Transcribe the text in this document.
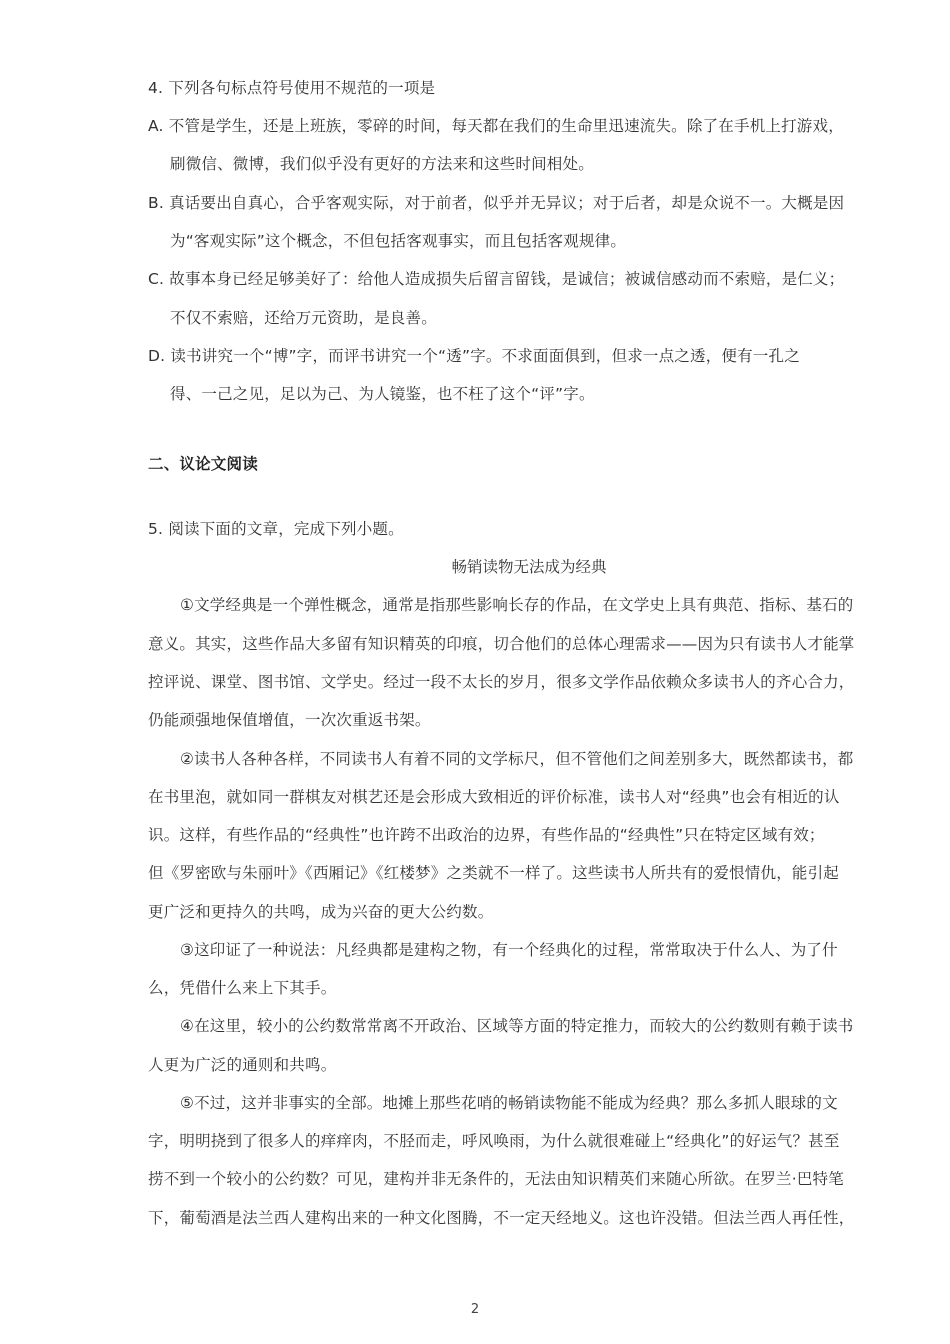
4. 下列各句标点符号使用不规范的一项是
A. 不管是学生，还是上班族，零碎的时间，每天都在我们的生命里迅速流失。除了在手机上打游戏，
刷微信、微博，我们似乎没有更好的方法来和这些时间相处。
B. 真话要出自真心，合乎客观实际，对于前者，似乎并无异议；对于后者，却是众说不一。大概是因
为“客观实际”这个概念，不但包括客观事实，而且包括客观规律。
C. 故事本身已经足够美好了：给他人造成损失后留言留钱，是诚信；被诚信感动而不索赔，是仁义；
不仅不索赔，还给万元资助，是良善。
D. 读书讲究一个“博”字，而评书讲究一个“透”字。不求面面俱到，但求一点之透，便有一孔之
得、一己之见，足以为己、为人镜鉴，也不枉了这个“评”字。
二、议论文阅读
5. 阅读下面的文章，完成下列小题。
畅销读物无法成为经典
①文学经典是一个弹性概念，通常是指那些影响长存的作品，在文学史上具有典范、指标、基石的
意义。其实，这些作品大多留有知识精英的印痕，切合他们的总体心理需求——因为只有读书人才能掌
控评说、课堂、图书馆、文学史。经过一段不太长的岁月，很多文学作品依赖众多读书人的齐心合力，
仍能顽强地保值增值，一次次重返书架。
②读书人各种各样，不同读书人有着不同的文学标尺，但不管他们之间差别多大，既然都读书，都
在书里泡，就如同一群棋友对棋艺还是会形成大致相近的评价标准，读书人对“经典”也会有相近的认
识。这样，有些作品的“经典性”也许跨不出政治的边界，有些作品的“经典性”只在特定区域有效；
但《罗密欧与朱丽叶》《西厢记》《红楼梦》之类就不一样了。这些读书人所共有的爱恨情仇，能引起
更广泛和更持久的共鸣，成为兴奋的更大公约数。
③这印证了一种说法：凡经典都是建构之物，有一个经典化的过程，常常取决于什么人、为了什
么，凭借什么来上下其手。
④在这里，较小的公约数常常离不开政治、区域等方面的特定推力，而较大的公约数则有赖于读书
人更为广泛的通则和共鸣。
⑤不过，这并非事实的全部。地摊上那些花哨的畅销读物能不能成为经典？那么多抓人眼球的文
字，明明挠到了很多人的痒痒肉，不胫而走，呼风唤雨，为什么就很难碰上“经典化”的好运气？甚至
捞不到一个较小的公约数？可见，建构并非无条件的，无法由知识精英们来随心所欲。在罗兰·巴特笔
下，葡萄酒是法兰西人建构出来的一种文化图腾，不一定天经地义。这也许没错。但法兰西人再任性，
2
